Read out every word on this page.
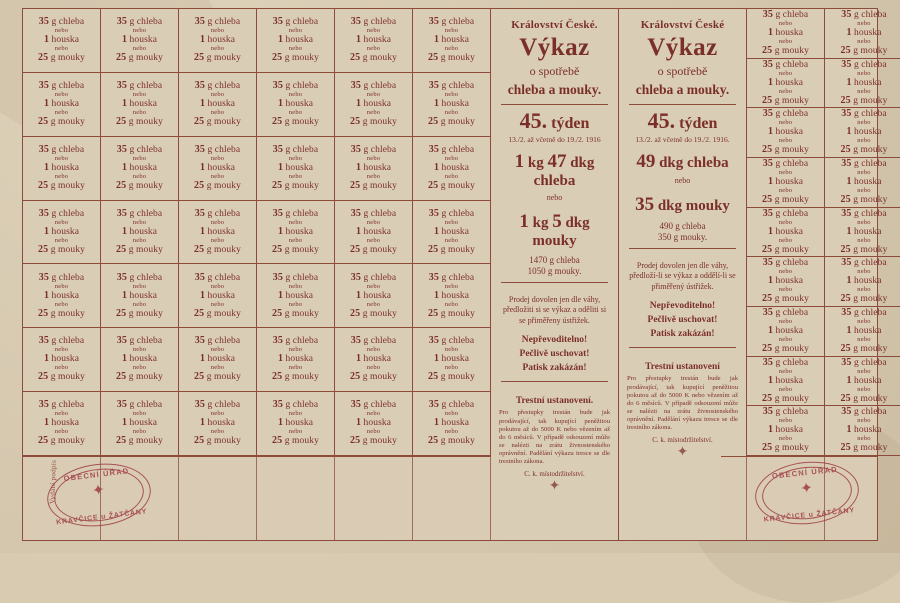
35 g chleba
nebo
1 houska
nebo
25 g mouky
35 g chleba
nebo
1 houska
nebo
25 g mouky
35 g chleba
nebo
1 houska
nebo
25 g mouky
35 g chleba
nebo
1 houska
nebo
25 g mouky
35 g chleba
nebo
1 houska
nebo
25 g mouky
35 g chleba
nebo
1 houska
nebo
25 g mouky
35 g chleba
nebo
1 houska
nebo
25 g mouky
35 g chleba
nebo
1 houska
nebo
25 g mouky
35 g chleba
nebo
1 houska
nebo
25 g mouky
35 g chleba
nebo
1 houska
nebo
25 g mouky
35 g chleba
nebo
1 houska
nebo
25 g mouky
35 g chleba
nebo
1 houska
nebo
25 g mouky
35 g chleba
nebo
1 houska
nebo
25 g mouky
35 g chleba
nebo
1 houska
nebo
25 g mouky
35 g chleba
nebo
1 houska
nebo
25 g mouky
35 g chleba
nebo
1 houska
nebo
25 g mouky
35 g chleba
nebo
1 houska
nebo
25 g mouky
35 g chleba
nebo
1 houska
nebo
25 g mouky
35 g chleba
nebo
1 houska
nebo
25 g mouky
35 g chleba
nebo
1 houska
nebo
25 g mouky
35 g chleba
nebo
1 houska
nebo
25 g mouky
35 g chleba
nebo
1 houska
nebo
25 g mouky
35 g chleba
nebo
1 houska
nebo
25 g mouky
35 g chleba
nebo
1 houska
nebo
25 g mouky
35 g chleba
nebo
1 houska
nebo
25 g mouky
35 g chleba
nebo
1 houska
nebo
25 g mouky
35 g chleba
nebo
1 houska
nebo
25 g mouky
35 g chleba
nebo
1 houska
nebo
25 g mouky
35 g chleba
nebo
1 houska
nebo
25 g mouky
35 g chleba
nebo
1 houska
nebo
25 g mouky
35 g chleba
nebo
1 houska
nebo
25 g mouky
35 g chleba
nebo
1 houska
nebo
25 g mouky
35 g chleba
nebo
1 houska
nebo
25 g mouky
35 g chleba
nebo
1 houska
nebo
25 g mouky
35 g chleba
nebo
1 houska
nebo
25 g mouky
35 g chleba
nebo
1 houska
nebo
25 g mouky
35 g chleba
nebo
1 houska
nebo
25 g mouky
35 g chleba
nebo
1 houska
nebo
25 g mouky
35 g chleba
nebo
1 houska
nebo
25 g mouky
35 g chleba
nebo
1 houska
nebo
25 g mouky
35 g chleba
nebo
1 houska
nebo
25 g mouky
35 g chleba
nebo
1 houska
nebo
25 g mouky
Království České.
Výkaz
o spotřebě
chleba a mouky.
45. týden
13./2. až včetně do 19./2. 1916
1 kg 47 dkg chleba
nebo
1 kg 5 dkg mouky
1470 g chleba
1050 g mouky.
Prodej dovolen jen dle váhy, předložiti si se výkaz a oděliti si se přiměřeny ústřižek.
Nepřevoditelno!
Pečlivě uschovat!
Patisk zakázán!
Trestní ustanovení.
Pro přestupky trestán bude jak prodávající, tak kupující peněžitou pokutou až do 5000 K nebo vězením až do 6 měsíců. V případě odsouzení může se nalézti na zrátu živnostenského oprávnění. Padělání výkazu tresce se dle trestního zákona.
C. k. místodržitelství.
✦
Království České
Výkaz
o spotřebě
chleba a mouky.
45. týden
13./2. až včetně do 19./2. 1916.
49 dkg chleba
nebo
35 dkg mouky
490 g chleba
350 g mouky.
Prodej dovolen jen dle váhy, předloží-li se výkaz a oddělí-li se přiměřený ústřižek.
Nepřevoditelno!
Pečlivě uschovat!
Patisk zakázán!
Trestní ustanovení
Pro přestupky trestán bude jak prodávající, tak kupující peněžitou pokutou až do 5000 K nebo vězením až do 6 měsíců. V případě odsouzení může se nalézti na zrátu živnostenského oprávnění. Padělání výkazu tresce se dle trestního zákona.
C. k. místodržitelství.
✦
35 g chleba
nebo
1 houska
nebo
25 g mouky
35 g chleba
nebo
1 houska
nebo
25 g mouky
35 g chleba
nebo
1 houska
nebo
25 g mouky
35 g chleba
nebo
1 houska
nebo
25 g mouky
35 g chleba
nebo
1 houska
nebo
25 g mouky
35 g chleba
nebo
1 houska
nebo
25 g mouky
35 g chleba
nebo
1 houska
nebo
25 g mouky
35 g chleba
nebo
1 houska
nebo
25 g mouky
35 g chleba
nebo
1 houska
nebo
25 g mouky
35 g chleba
nebo
1 houska
nebo
25 g mouky
35 g chleba
nebo
1 houska
nebo
25 g mouky
35 g chleba
nebo
1 houska
nebo
25 g mouky
35 g chleba
nebo
1 houska
nebo
25 g mouky
35 g chleba
nebo
1 houska
nebo
25 g mouky
35 g chleba
nebo
1 houska
nebo
25 g mouky
35 g chleba
nebo
1 houska
nebo
25 g mouky
35 g chleba
nebo
1 houska
nebo
25 g mouky
35 g chleba
nebo
1 houska
nebo
25 g mouky
OBECNÍ ÚŘAD
✦
KRAVČICE u ŽATČANY
Vydání podpis	OBECNÍ ÚŘAD
✦
KRAVČICE u ŽATČANY
